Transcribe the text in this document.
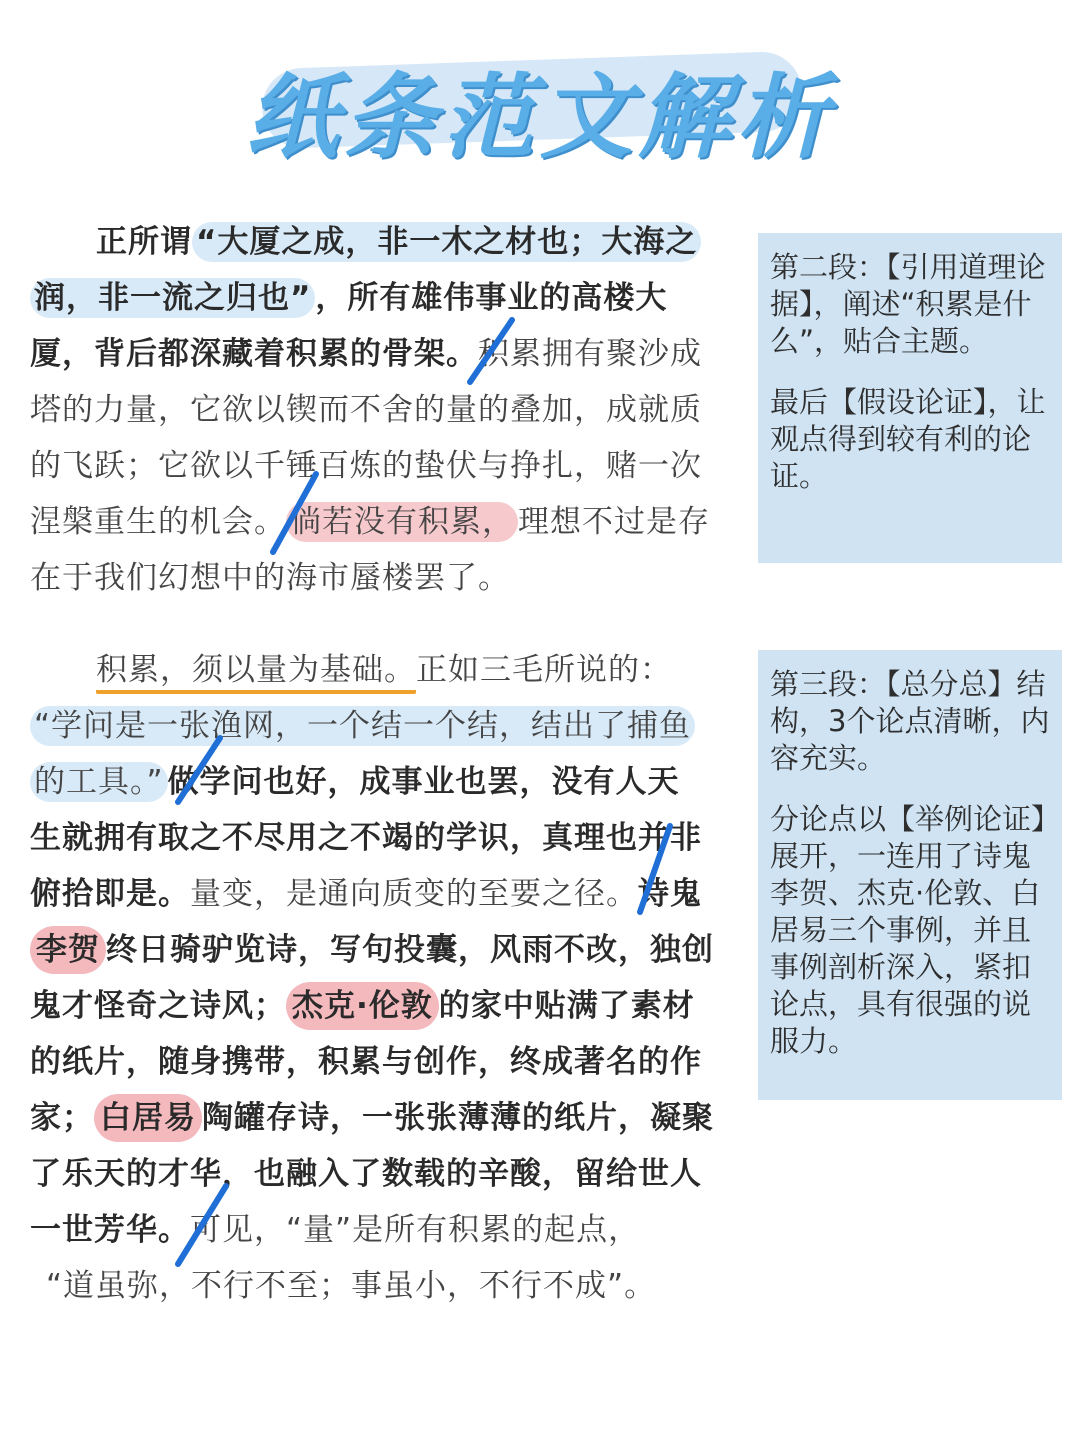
纸条范文解析
正所谓 “大厦之成，非一木之材也；大海之
润，非一流之归也” ，所有雄伟事业的高楼大
厦，背后都深藏着积累的骨架。积累拥有聚沙成
塔的力量，它欲以锲而不舍的量的叠加，成就质
的飞跃；它欲以千锤百炼的蛰伏与挣扎，赌一次
涅槃重生的机会。 倘若没有积累， 理想不过是存
在于我们幻想中的海市蜃楼罢了。
积累，须以量为基础。正如三毛所说的：
“学问是一张渔网，一个结一个结，结出了捕鱼
的工具。” 做学问也好，成事业也罢，没有人天
生就拥有取之不尽用之不竭的学识，真理也并非
俯拾即是。量变，是通向质变的至要之径。诗鬼
李贺 终日骑驴览诗，写句投囊，风雨不改，独创
鬼才怪奇之诗风； 杰克·伦敦 的家中贴满了素材
的纸片，随身携带，积累与创作，终成著名的作
家； 白居易 陶罐存诗，一张张薄薄的纸片，凝聚
了乐天的才华，也融入了数载的辛酸，留给世人
一世芳华。可见，“量”是所有积累的起点，
“道虽弥，不行不至；事虽小，不行不成”。

第二段：【引用道理论据】，阐述“积累是什么”，贴合主题。

最后【假设论证】，让观点得到较有利的论证。

第三段：【总分总】结构，3个论点清晰，内容充实。

分论点以【举例论证】展开，一连用了诗鬼李贺、杰克·伦敦、白居易三个事例，并且事例剖析深入，紧扣论点，具有很强的说服力。
